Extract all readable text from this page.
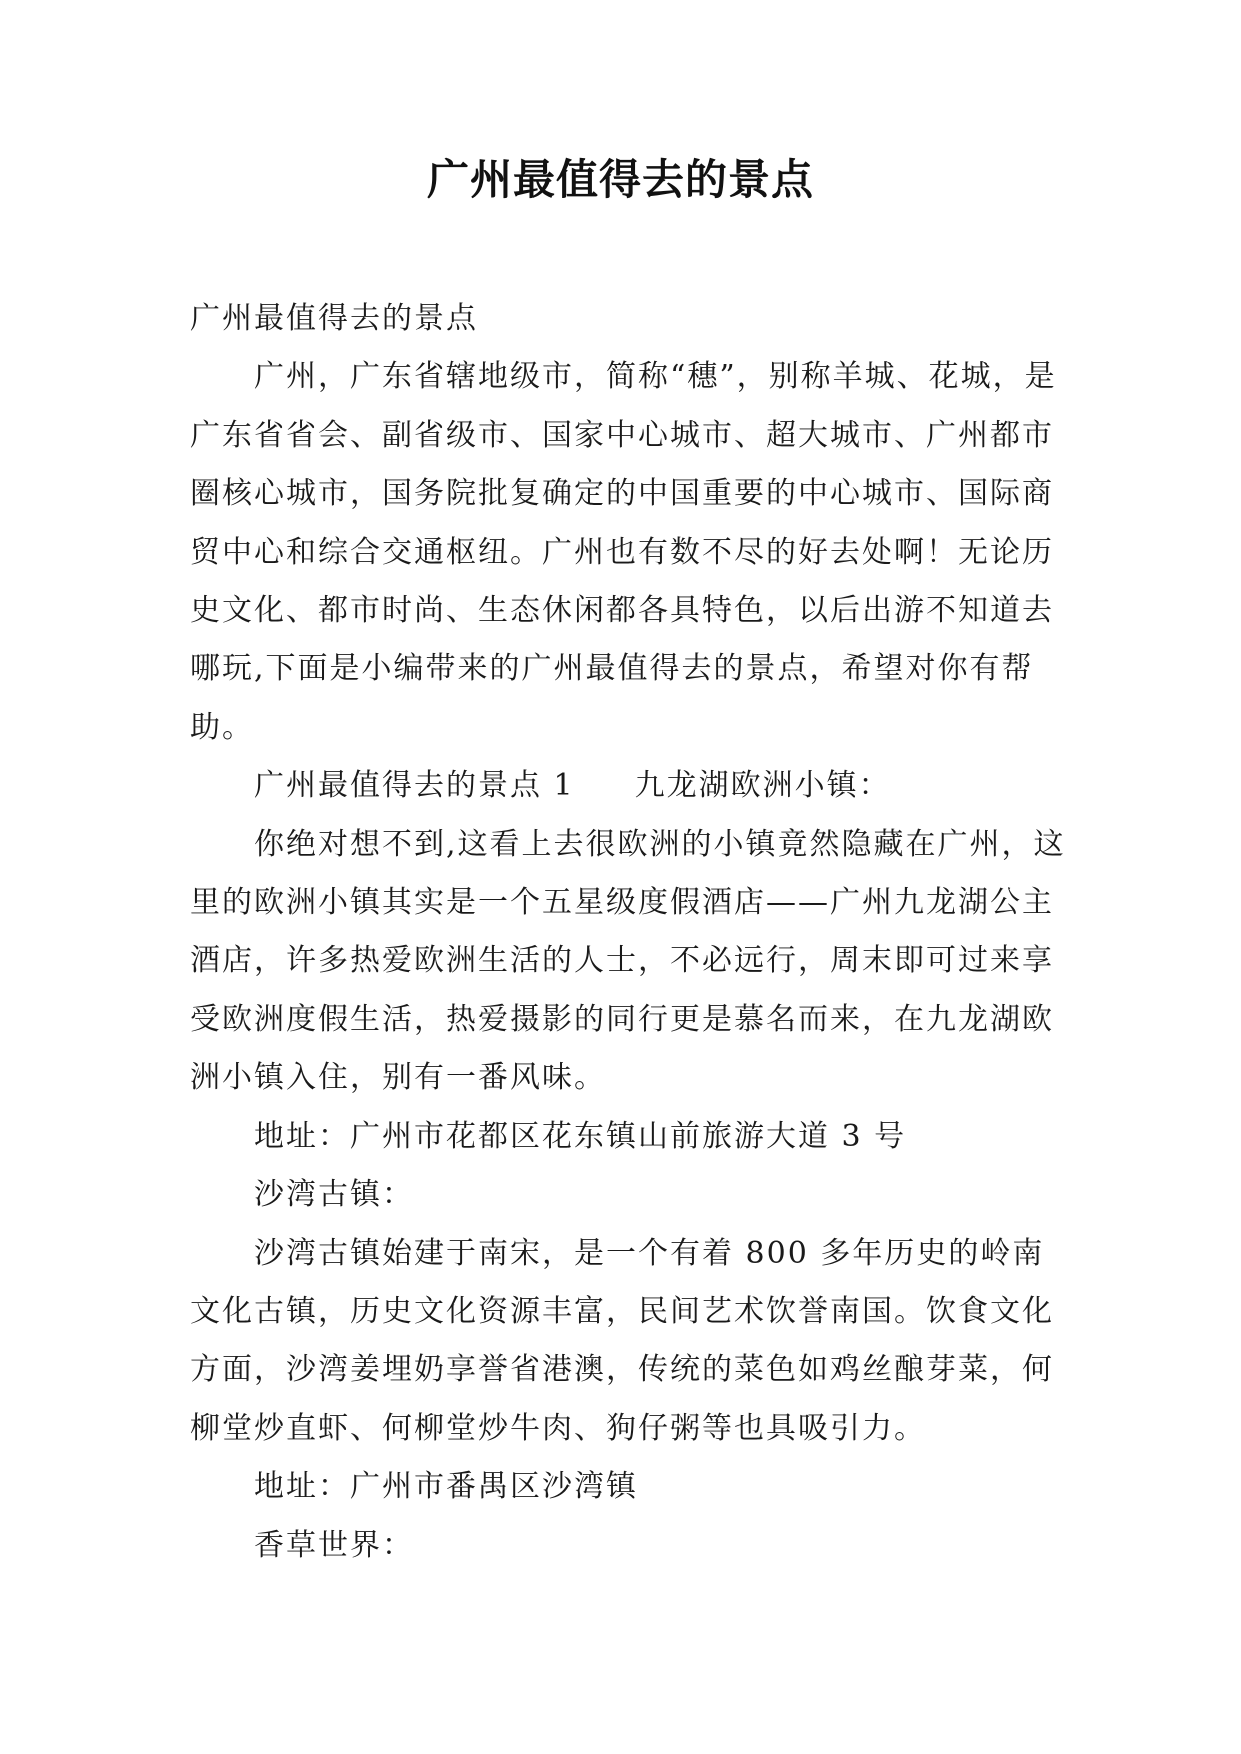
广州最值得去的景点

广州最值得去的景点

广州，广东省辖地级市，简称“穗”，别称羊城、花城，是广东省省会、副省级市、国家中心城市、超大城市、广州都市圈核心城市，国务院批复确定的中国重要的中心城市、国际商贸中心和综合交通枢纽。广州也有数不尽的好去处啊！无论历史文化、都市时尚、生态休闲都各具特色，以后出游不知道去哪玩,下面是小编带来的广州最值得去的景点，希望对你有帮助。

广州最值得去的景点 1 九龙湖欧洲小镇：

你绝对想不到,这看上去很欧洲的小镇竟然隐藏在广州，这里的欧洲小镇其实是一个五星级度假酒店——广州九龙湖公主酒店，许多热爱欧洲生活的人士，不必远行，周末即可过来享受欧洲度假生活，热爱摄影的同行更是慕名而来，在九龙湖欧洲小镇入住，别有一番风味。

地址：广州市花都区花东镇山前旅游大道 3 号

沙湾古镇：

沙湾古镇始建于南宋，是一个有着 800 多年历史的岭南文化古镇，历史文化资源丰富，民间艺术饮誉南国。饮食文化方面，沙湾姜埋奶享誉省港澳，传统的菜色如鸡丝酿芽菜，何柳堂炒直虾、何柳堂炒牛肉、狗仔粥等也具吸引力。

地址：广州市番禺区沙湾镇

香草世界：
